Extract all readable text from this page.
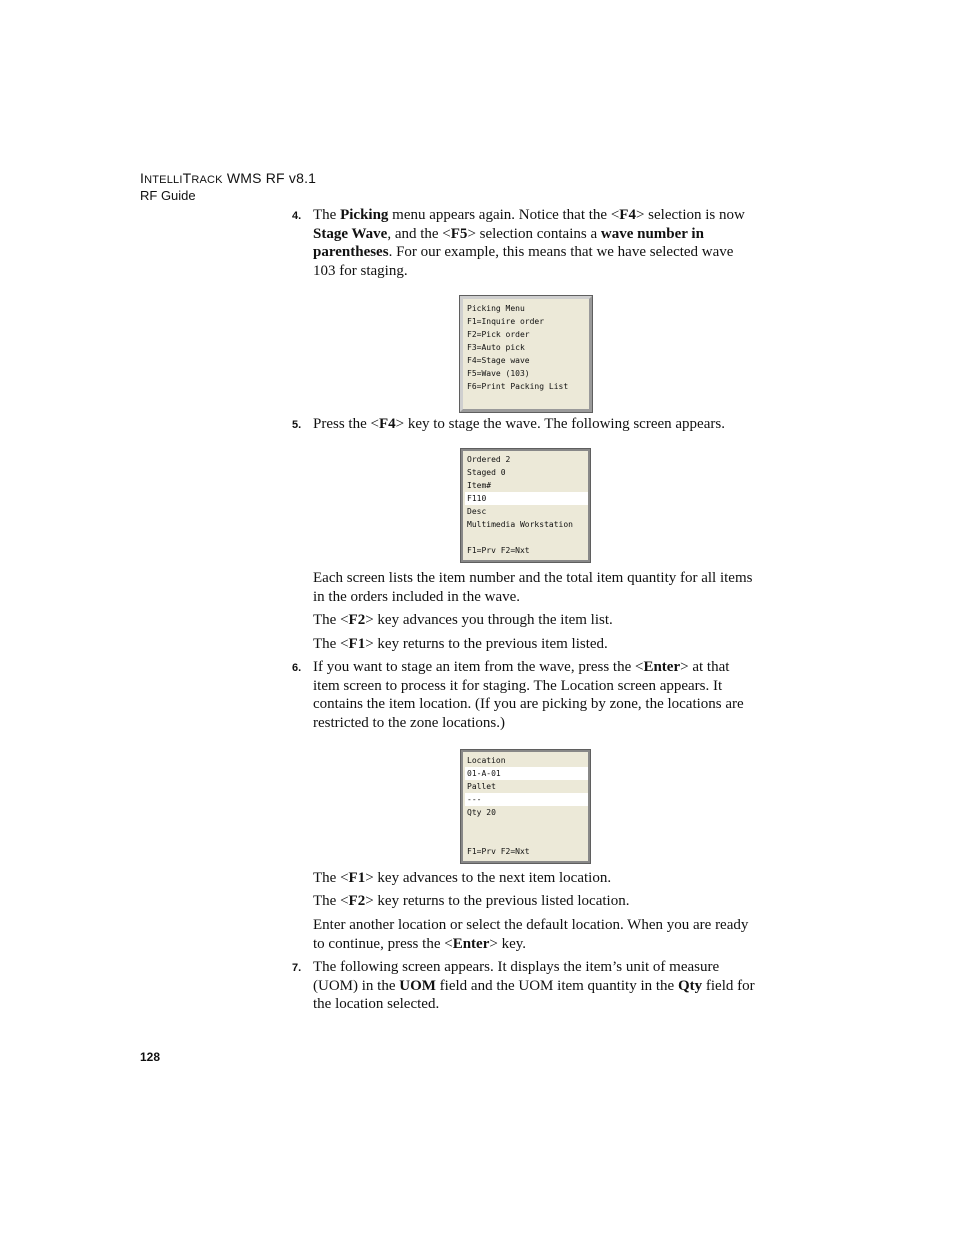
INTELLITRACK WMS RF v8.1
RF Guide
4. The Picking menu appears again. Notice that the <F4> selection is now Stage Wave, and the <F5> selection contains a wave number in parentheses. For our example, this means that we have selected wave 103 for staging.
Picking Menu
F1=Inquire order
F2=Pick order
F3=Auto pick
F4=Stage wave
F5=Wave (103)
F6=Print Packing List
5. Press the <F4> key to stage the wave. The following screen appears.
Ordered 2
Staged 0
Item#
F110
Desc
Multimedia Workstation
F1=Prv F2=Nxt
Each screen lists the item number and the total item quantity for all items in the orders included in the wave.
The <F2> key advances you through the item list.
The <F1> key returns to the previous item listed.
6. If you want to stage an item from the wave, press the <Enter> at that item screen to process it for staging. The Location screen appears. It contains the item location. (If you are picking by zone, the locations are restricted to the zone locations.)
Location
01-A-01
Pallet
---
Qty 20
F1=Prv F2=Nxt
The <F1> key advances to the next item location.
The <F2> key returns to the previous listed location.
Enter another location or select the default location. When you are ready to continue, press the <Enter> key.
7. The following screen appears. It displays the item’s unit of measure (UOM) in the UOM field and the UOM item quantity in the Qty field for the location selected.
128
